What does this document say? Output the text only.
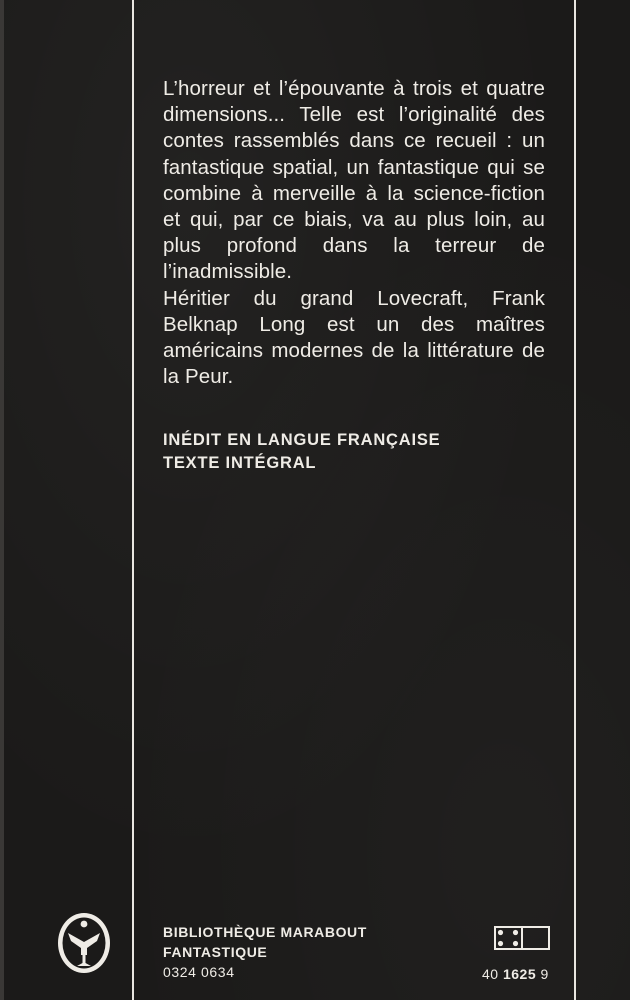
L’horreur et l’épouvante à trois et quatre dimensions... Telle est l’originalité des contes rassemblés dans ce recueil : un fantastique spatial, un fantastique qui se combine à merveille à la science-fiction et qui, par ce biais, va au plus loin, au plus profond dans la terreur de l’inadmissible.

Héritier du grand Lovecraft, Frank Belknap Long est un des maîtres américains modernes de la littérature de la Peur.

INÉDIT EN LANGUE FRANÇAISE
TEXTE INTÉGRAL
BIBLIOTHÈQUE MARABOUT
FANTASTIQUE
0324 0634	40 1625 9
